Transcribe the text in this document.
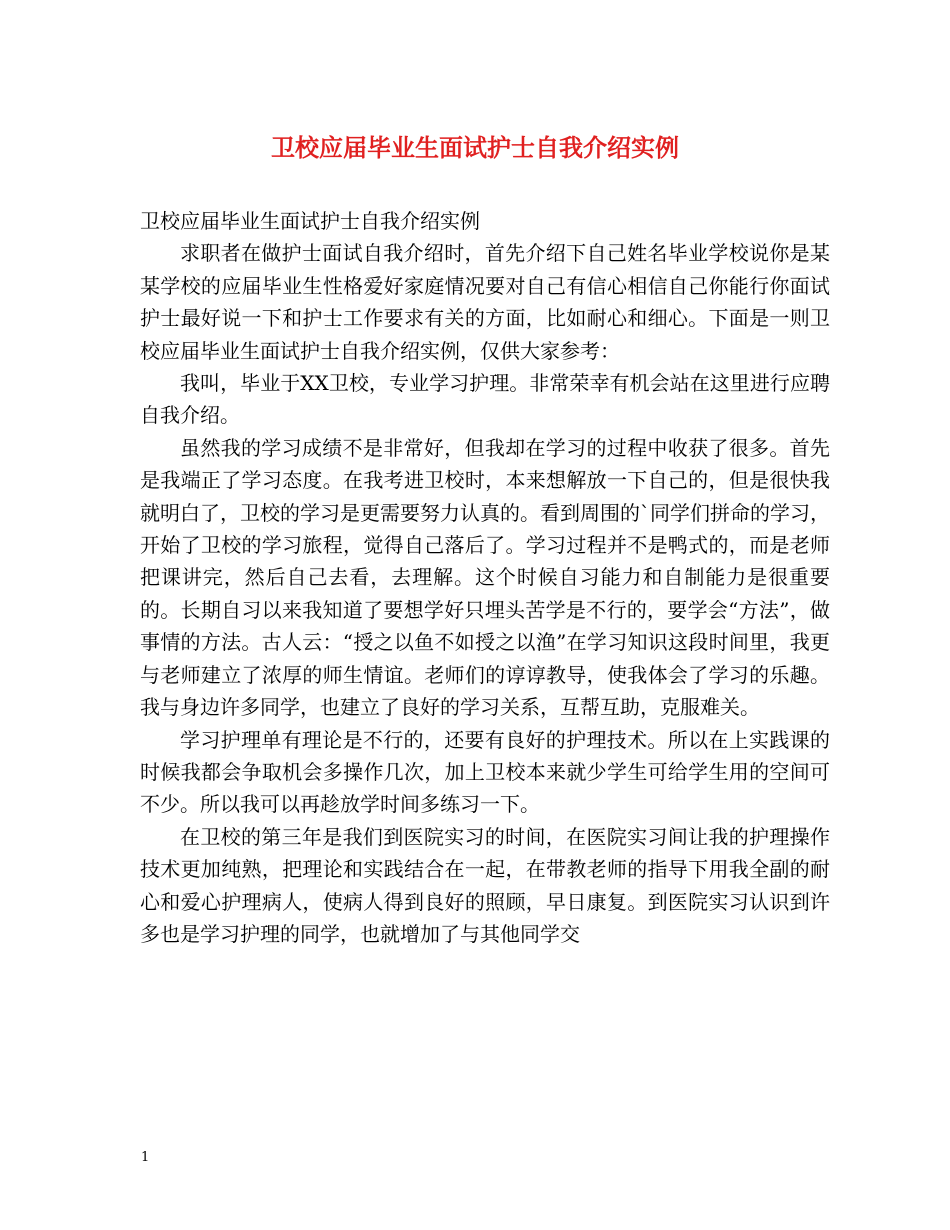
卫校应届毕业生面试护士自我介绍实例

卫校应届毕业生面试护士自我介绍实例

求职者在做护士面试自我介绍时，首先介绍下自己姓名毕业学校说你是某某学校的应届毕业生性格爱好家庭情况要对自己有信心相信自己你能行你面试护士最好说一下和护士工作要求有关的方面，比如耐心和细心。下面是一则卫校应届毕业生面试护士自我介绍实例，仅供大家参考：

我叫，毕业于XX卫校，专业学习护理。非常荣幸有机会站在这里进行应聘自我介绍。

虽然我的学习成绩不是非常好，但我却在学习的过程中收获了很多。首先是我端正了学习态度。在我考进卫校时，本来想解放一下自己的，但是很快我就明白了，卫校的学习是更需要努力认真的。看到周围的`同学们拼命的学习，开始了卫校的学习旅程，觉得自己落后了。学习过程并不是鸭式的，而是老师把课讲完，然后自己去看，去理解。这个时候自习能力和自制能力是很重要的。长期自习以来我知道了要想学好只埋头苦学是不行的，要学会“方法”，做事情的方法。古人云：“授之以鱼不如授之以渔”在学习知识这段时间里，我更与老师建立了浓厚的师生情谊。老师们的谆谆教导，使我体会了学习的乐趣。我与身边许多同学，也建立了良好的学习关系，互帮互助，克服难关。

学习护理单有理论是不行的，还要有良好的护理技术。所以在上实践课的时候我都会争取机会多操作几次，加上卫校本来就少学生可给学生用的空间可不少。所以我可以再趁放学时间多练习一下。

在卫校的第三年是我们到医院实习的时间，在医院实习间让我的护理操作技术更加纯熟，把理论和实践结合在一起，在带教老师的指导下用我全副的耐心和爱心护理病人，使病人得到良好的照顾，早日康复。到医院实习认识到许多也是学习护理的同学，也就增加了与其他同学交

1
